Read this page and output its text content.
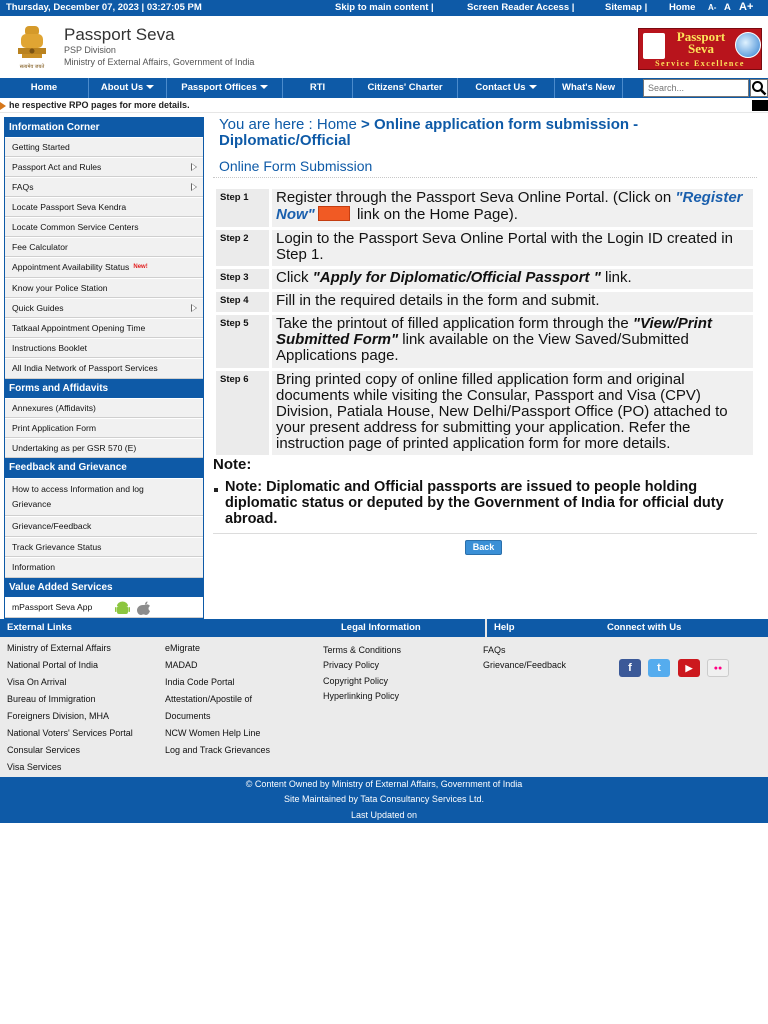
Thursday, December 07, 2023 | 03:27:05 PM	Skip to main content |	Screen Reader Access |	Sitemap | Home A- A A+
सत्यमेव जयते
Passport Seva
PSP Division
Ministry of External Affairs, Government of India
Passport
Seva
Service Excellence
Home	About Us	Passport Offices	RTI	Citizens' Charter	Contact Us	What's New
Search...
he respective RPO pages for more details.
Information Corner
Getting Started
Passport Act and Rules
FAQs
Locate Passport Seva Kendra
Locate Common Service Centers
Fee Calculator
Appointment Availability Status $^{New!}$
Know your Police Station
Quick Guides
Tatkaal Appointment Opening Time
Instructions Booklet
All India Network of Passport Services
Forms and Affidavits
Annexures (Affidavits)
Print Application Form
Undertaking as per GSR 570 (E)
Feedback and Grievance
How to access Information and log Grievance
Grievance/Feedback
Track Grievance Status
Information
Value Added Services
mPassport Seva App
You are here : Home > Online application form submission - Diplomatic/Official
Online Form Submission
Step 1	Register through the Passport Seva Online Portal. (Click on "Register Now"	link on the Home Page).
Step 2	Login to the Passport Seva Online Portal with the Login ID created in Step 1.
Step 3	Click "Apply for Diplomatic/Official Passport " link.
Step 4	Fill in the required details in the form and submit.
Step 5	Take the printout of filled application form through the "View/Print Submitted Form" link available on the View Saved/Submitted Applications page.
Step 6	Bring printed copy of online filled application form and original documents while visiting the Consular, Passport and Visa (CPV) Division, Patiala House, New Delhi/Passport Office (PO) attached to your present address for submitting your application. Refer the instruction page of printed application form for more details.
Note:
Note: Diplomatic and Official passports are issued to people holding diplomatic status or deputed by the Government of India for official duty abroad.
Back
External Links	Legal Information	Help	Connect with Us
Ministry of External Affairs
National Portal of India
Visa On Arrival
Bureau of Immigration
Foreigners Division, MHA
National Voters' Services Portal
Consular Services
Visa Services
eMigrate
MADAD
India Code Portal
Attestation/Apostile of
Documents
NCW Women Help Line
Log and Track Grievances
Terms & Conditions
Privacy Policy
Copyright Policy
Hyperlinking Policy
FAQs
Grievance/Feedback	f	t	▶	●●
© Content Owned by Ministry of External Affairs, Government of India
Site Maintained by Tata Consultancy Services Ltd.
Last Updated on
